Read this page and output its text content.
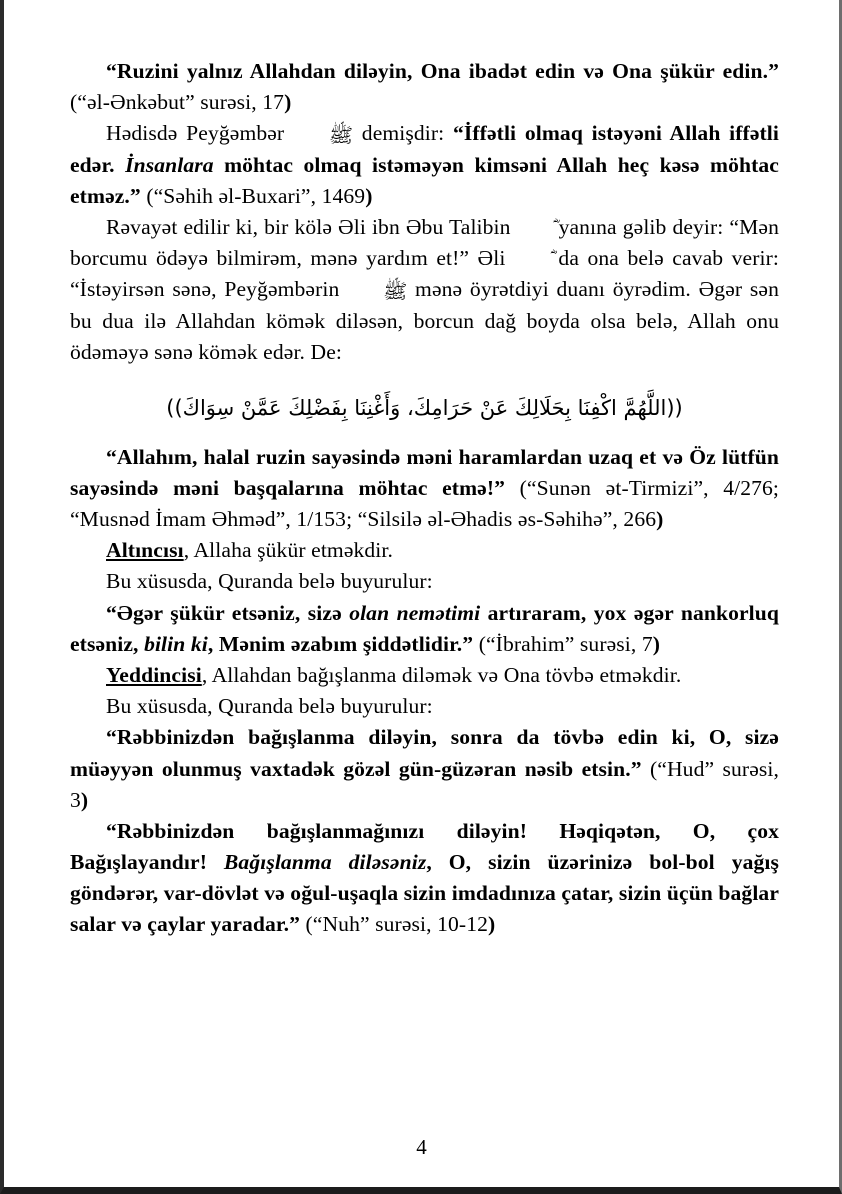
“Ruzini yalnız Allahdan diləyin, Ona ibadət edin və Ona şükür edin.” (“əl-Ənkəbut” surəsi, 17)

Hədisdə Peyğəmbər ﷺ demişdir: “İffətli olmaq istəyəni Allah iffətli edər. İnsanlara möhtac olmaq istəməyən kimsəni Allah heç kəsə möhtac etməz.” (“Səhih əl-Buxari”, 1469)

Rəvayət edilir ki, bir kölə Əli ibn Əbu Talibin  yanına gəlib deyir: “Mən borcumu ödəyə bilmirəm, mənə yardım et!” Əli  da ona belə cavab verir: “İstəyirsən sənə, Peyğəmbərin ﷺ mənə öyrətdiyi duanı öyrədim. Əgər sən bu dua ilə Allahdan kömək diləsən, borcun dağ boyda olsa belə, Allah onu ödəməyə sənə kömək edər. De:

((اللَّهُمَّ اكْفِنَا بِحَلَالِكَ عَنْ حَرَامِكَ، وَأَغْنِنَا بِفَضْلِكَ عَمَّنْ سِوَاكَ))

“Allahım, halal ruzin sayəsində məni haramlardan uzaq et və Öz lütfün sayəsində məni başqalarına möhtac etmə!” (“Sunən ət-Tirmizi”, 4/276; “Musnəd İmam Əhməd”, 1/153; “Silsilə əl-Əhadis əs-Səhihə”, 266)

Altıncısı, Allaha şükür etməkdir.

Bu xüsusda, Quranda belə buyurulur:

“Əgər şükür etsəniz, sizə olan nemətimi artıraram, yox əgər nankorluq etsəniz, bilin ki, Mənim əzabım şiddətlidir.” (“İbrahim” surəsi, 7)

Yeddincisi, Allahdan bağışlanma diləmək və Ona tövbə etməkdir.

Bu xüsusda, Quranda belə buyurulur:

“Rəbbinizdən bağışlanma diləyin, sonra da tövbə edin ki, O, sizə müəyyən olunmuş vaxtadək gözəl gün-güzəran nəsib etsin.” (“Hud” surəsi, 3)

“Rəbbinizdən bağışlanmağınızı diləyin! Həqiqətən, O, çox Bağışlayandır! Bağışlanma diləsəniz, O, sizin üzərinizə bol-bol yağış göndərər, var-dövlət və oğul-uşaqla sizin imdadınıza çatar, sizin üçün bağlar salar və çaylar yaradar.” (“Nuh” surəsi, 10-12)

4
